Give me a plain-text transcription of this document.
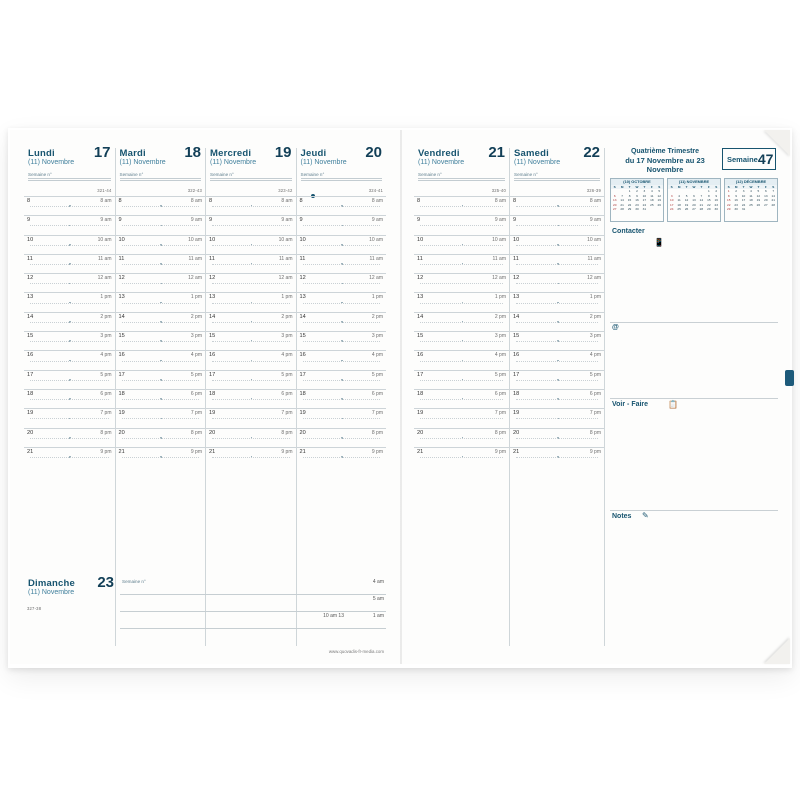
Lundi	17
(11) Novembre
Semaine n°
321-44
8	8 am
9	9 am
10	10 am
11	11 am
12	12 am
13	1 pm
14	2 pm
15	3 pm
16	4 pm
17	5 pm
18	6 pm
19	7 pm
20	8 pm
21	9 pm
Mardi	18
(11) Novembre
Semaine n°
322-43
8	8 am
9	9 am
10	10 am
11	11 am
12	12 am
13	1 pm
14	2 pm
15	3 pm
16	4 pm
17	5 pm
18	6 pm
19	7 pm
20	8 pm
21	9 pm
Mercredi 19
(11) Novembre
Semaine n°
323-42
8	8 am
9	9 am
10	10 am
11	11 am
12	12 am
13	1 pm
14	2 pm
15	3 pm
16	4 pm
17	5 pm
18	6 pm
19	7 pm
20	8 pm
21	9 pm
Jeudi	20
(11) Novembre
Semaine n°
324-41
8	8 am
9	9 am
10	10 am
11	11 am
12	12 am
13	1 pm
14	2 pm
15	3 pm
16	4 pm
17	5 pm
18	6 pm
19	7 pm
20	8 pm
21	9 pm
Dimanche 23
(11) Novembre
327-38
Semaine n°	4 am
5 am
10 am 13	1 am
www.quovadis-fr-media.com
Vendredi 21
(11) Novembre
Semaine n°
325-40
8	8 am
9	9 am
10	10 am
11	11 am
12	12 am
13	1 pm
14	2 pm
15	3 pm
16	4 pm
17	5 pm
18	6 pm
19	7 pm
20	8 pm
21	9 pm
Samedi 22
(11) Novembre
Semaine n°
326-39
8	8 am
9	9 am
10	10 am
11	11 am
12	12 am
13	1 pm
14	2 pm
15	3 pm
16	4 pm
17	5 pm
18	6 pm
19	7 pm
20	8 pm
21	9 pm
Quatrième Trimestre
du 17 Novembre au 23 Novembre
Semaine 47
(10) OCTOBRE
S	M	T	W	T	F	S
		1	2	3	4	5
6	7	8	9	10	11	12
13	14	15	16	17	18	19
20	21	22	23	24	25	26
27	28	29	30	31		
(11) NOVEMBRE
S	M	T	W	T	F	S
					1	2
3	4	5	6	7	8	9
10	11	12	13	14	15	16
17	18	19	20	21	22	23
24	25	26	27	28	29	30
(12) DÉCEMBRE
S	M	T	W	T	F	S
1	2	3	4	5	6	7
8	9	10	11	12	13	14
15	16	17	18	19	20	21
22	23	24	25	26	27	28
29	30	31				
Contacter
📱
@
Voir - Faire 📋
Notes ✎
